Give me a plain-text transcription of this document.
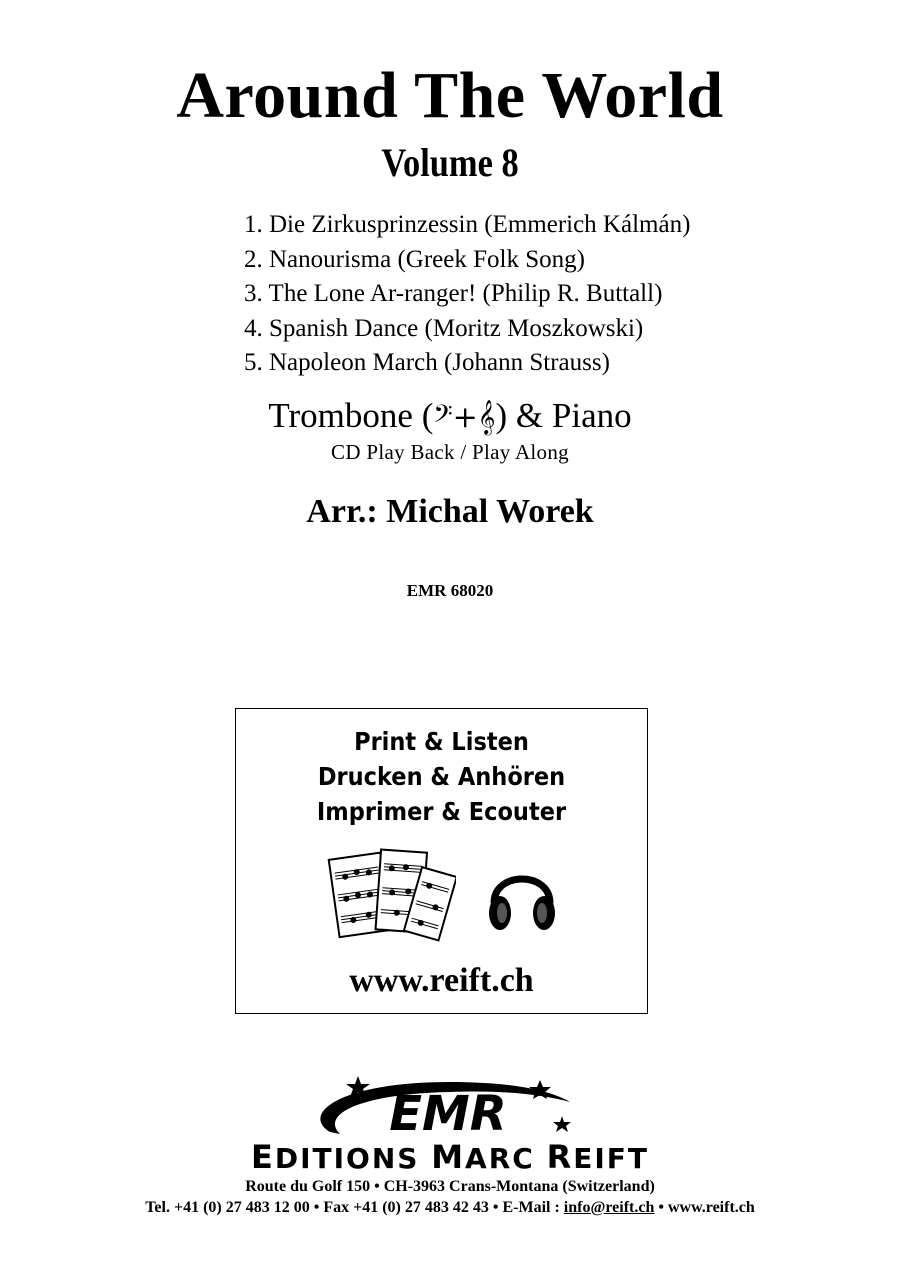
Around The World
Volume 8
1. Die Zirkusprinzessin (Emmerich Kálmán)
2. Nanourisma (Greek Folk Song)
3. The Lone Ar-ranger! (Philip R. Buttall)
4. Spanish Dance (Moritz Moszkowski)
5. Napoleon March (Johann Strauss)
Trombone (𝄢+𝄞) & Piano
CD Play Back / Play Along
Arr.: Michal Worek
EMR 68020
Print & Listen
Drucken & Anhören
Imprimer & Ecouter
www.reift.ch
EMR
EDITIONS MARC REIFT
Route du Golf 150 • CH-3963 Crans-Montana (Switzerland)
Tel. +41 (0) 27 483 12 00 • Fax +41 (0) 27 483 42 43 • E-Mail : info@reift.ch • www.reift.ch
